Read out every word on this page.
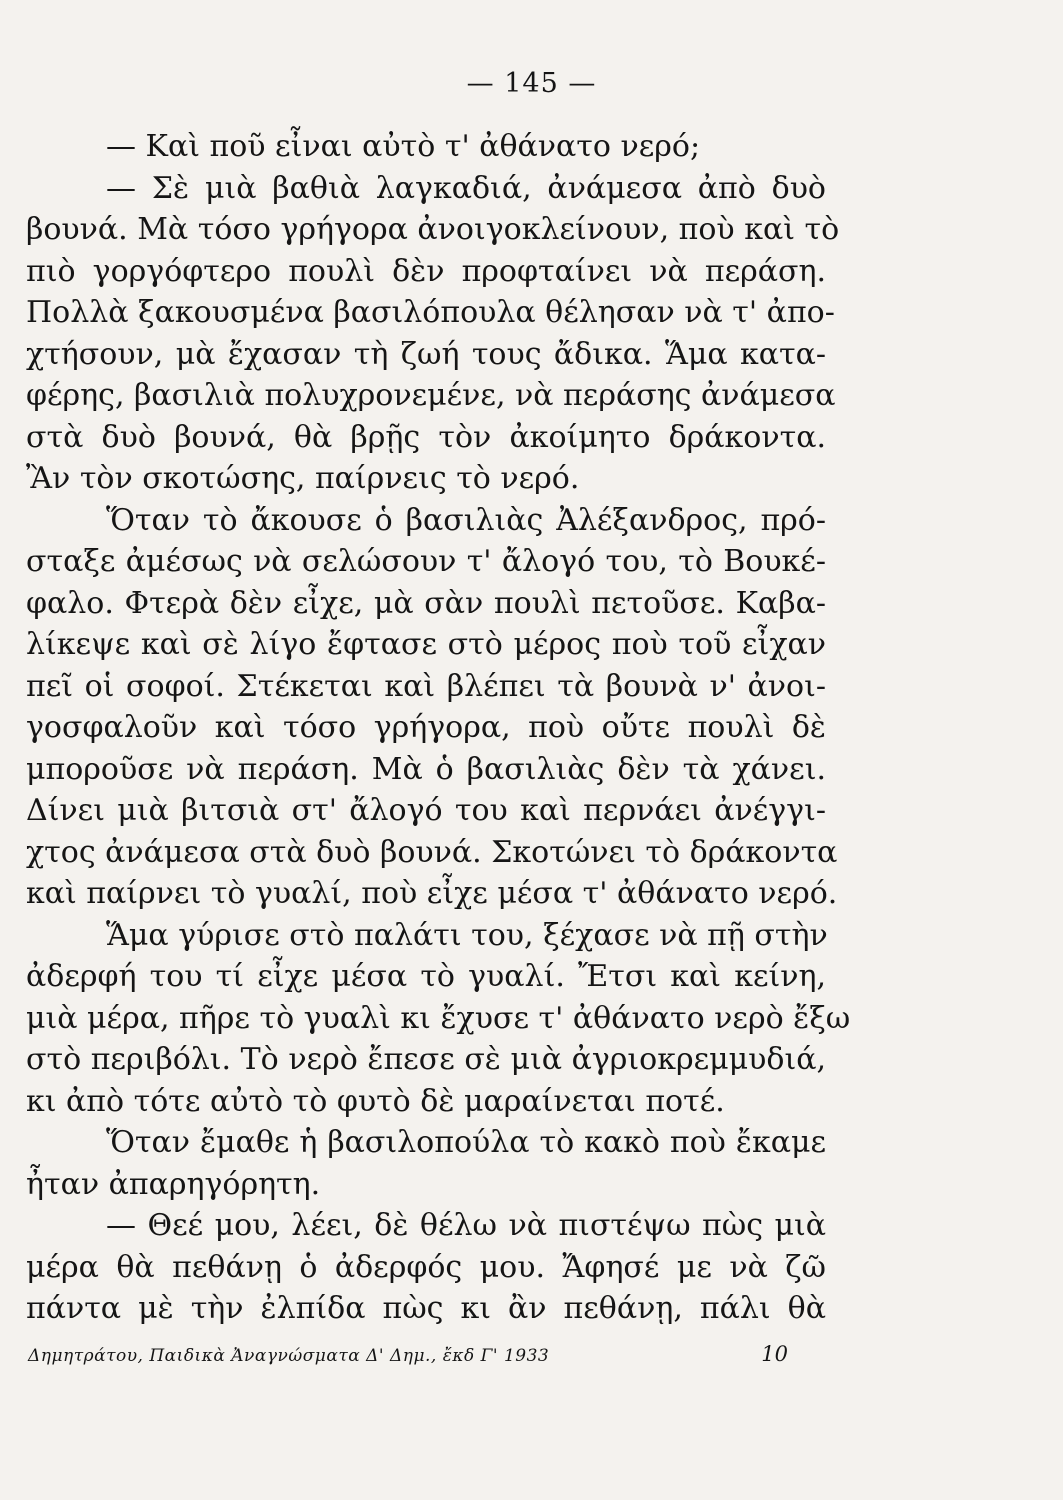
— 145 —
— Καὶ ποῦ εἶναι αὐτὸ τ' ἀθάνατο νερό;
— Σὲ μιὰ βαθιὰ λαγκαδιά, ἀνάμεσα ἀπὸ δυὸ
βουνά. Μὰ τόσο γρήγορα ἀνοιγοκλείνουν, ποὺ καὶ τὸ
πιὸ γοργόφτερο πουλὶ δὲν προφταίνει νὰ περάση.
Πολλὰ ξακουσμένα βασιλόπουλα θέλησαν νὰ τ' ἀπο-
χτήσουν, μὰ ἔχασαν τὴ ζωή τους ἄδικα. Ἅμα κατα-
φέρης, βασιλιὰ πολυχρονεμένε, νὰ περάσης ἀνάμεσα
στὰ δυὸ βουνά, θὰ βρῇς τὸν ἀκοίμητο δράκοντα.
Ἂν τὸν σκοτώσης, παίρνεις τὸ νερό.
Ὅταν τὸ ἄκουσε ὁ βασιλιὰς Ἀλέξανδρος, πρό-
σταξε ἀμέσως νὰ σελώσουν τ' ἄλογό του, τὸ Βουκέ-
φαλο. Φτερὰ δὲν εἶχε, μὰ σὰν πουλὶ πετοῦσε. Καβα-
λίκεψε καὶ σὲ λίγο ἔφτασε στὸ μέρος ποὺ τοῦ εἶχαν
πεῖ οἱ σοφοί. Στέκεται καὶ βλέπει τὰ βουνὰ ν' ἀνοι-
γοσφαλοῦν καὶ τόσο γρήγορα, ποὺ οὔτε πουλὶ δὲ
μποροῦσε νὰ περάση. Μὰ ὁ βασιλιὰς δὲν τὰ χάνει.
Δίνει μιὰ βιτσιὰ στ' ἄλογό του καὶ περνάει ἀνέγγι-
χτος ἀνάμεσα στὰ δυὸ βουνά. Σκοτώνει τὸ δράκοντα
καὶ παίρνει τὸ γυαλί, ποὺ εἶχε μέσα τ' ἀθάνατο νερό.
Ἅμα γύρισε στὸ παλάτι του, ξέχασε νὰ πῇ στὴν
ἀδερφή του τί εἶχε μέσα τὸ γυαλί. Ἔτσι καὶ κείνη,
μιὰ μέρα, πῆρε τὸ γυαλὶ κι ἔχυσε τ' ἀθάνατο νερὸ ἔξω
στὸ περιβόλι. Τὸ νερὸ ἔπεσε σὲ μιὰ ἀγριοκρεμμυδιά,
κι ἀπὸ τότε αὐτὸ τὸ φυτὸ δὲ μαραίνεται ποτέ.
Ὅταν ἔμαθε ἡ βασιλοπούλα τὸ κακὸ ποὺ ἔκαμε
ἦταν ἀπαρηγόρητη.
— Θεέ μου, λέει, δὲ θέλω νὰ πιστέψω πὼς μιὰ
μέρα θὰ πεθάνῃ ὁ ἀδερφός μου. Ἄφησέ με νὰ ζῶ
πάντα μὲ τὴν ἐλπίδα πὼς κι ἂν πεθάνῃ, πάλι θὰ
Δημητράτου, Παιδικὰ Ἀναγνώσματα Δ' Δημ., ἔκδ Γ' 1933	10
